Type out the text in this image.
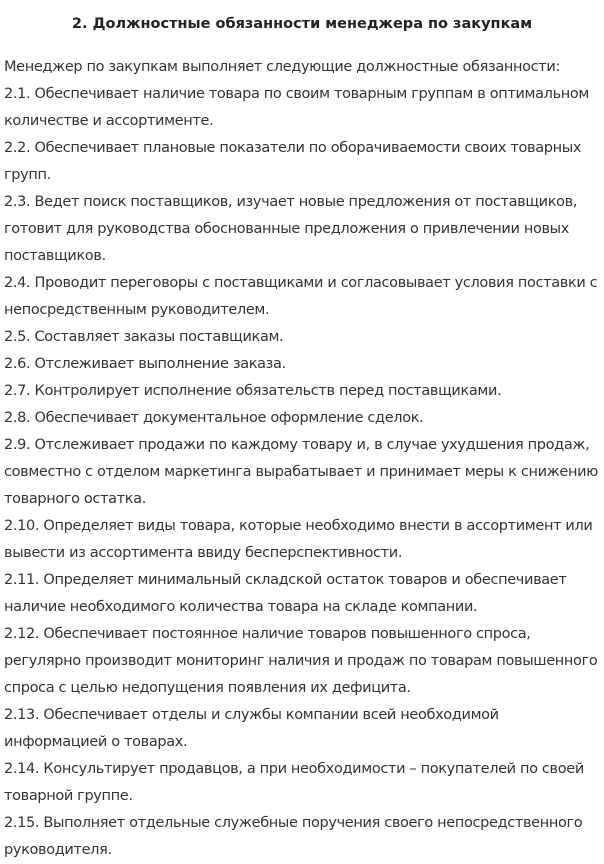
2. Должностные обязанности менеджера по закупкам
Менеджер по закупкам выполняет следующие должностные обязанности:
2.1. Обеспечивает наличие товара по своим товарным группам в оптимальном количестве и ассортименте.
2.2. Обеспечивает плановые показатели по оборачиваемости своих товарных групп.
2.3. Ведет поиск поставщиков, изучает новые предложения от поставщиков, готовит для руководства обоснованные предложения о привлечении новых поставщиков.
2.4. Проводит переговоры с поставщиками и согласовывает условия поставки с непосредственным руководителем.
2.5. Составляет заказы поставщикам.
2.6. Отслеживает выполнение заказа.
2.7. Контролирует исполнение обязательств перед поставщиками.
2.8. Обеспечивает документальное оформление сделок.
2.9. Отслеживает продажи по каждому товару и, в случае ухудшения продаж, совместно с отделом маркетинга вырабатывает и принимает меры к снижению товарного остатка.
2.10. Определяет виды товара, которые необходимо внести в ассортимент или вывести из ассортимента ввиду бесперспективности.
2.11. Определяет минимальный складской остаток товаров и обеспечивает наличие необходимого количества товара на складе компании.
2.12. Обеспечивает постоянное наличие товаров повышенного спроса, регулярно производит мониторинг наличия и продаж по товарам повышенного спроса с целью недопущения появления их дефицита.
2.13. Обеспечивает отделы и службы компании всей необходимой информацией о товарах.
2.14. Консультирует продавцов, а при необходимости – покупателей по своей товарной группе.
2.15. Выполняет отдельные служебные поручения своего непосредственного руководителя.
